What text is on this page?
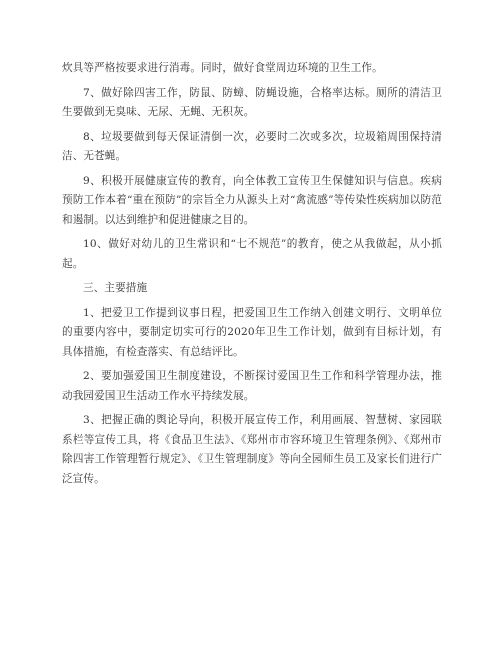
炊具等严格按要求进行消毒。同时，做好食堂周边环境的卫生工作。

7、做好除四害工作，防鼠、防蟑、防蝇设施，合格率达标。厕所的清洁卫生要做到无臭味、无尿、无蝇、无积灰。

8、垃圾要做到每天保证清倒一次，必要时二次或多次，垃圾箱周围保持清洁、无苍蝇。

9、积极开展健康宣传的教育，向全体教工宣传卫生保健知识与信息。疾病预防工作本着“重在预防”的宗旨全力从源头上对“禽流感”等传染性疾病加以防范和遏制。以达到维护和促进健康之目的。

10、做好对幼儿的卫生常识和“七不规范”的教育，使之从我做起，从小抓起。

三、主要措施

1、把爱卫工作提到议事日程，把爱国卫生工作纳入创建文明行、文明单位的重要内容中，要制定切实可行的2020年卫生工作计划，做到有目标计划，有具体措施，有检查落实、有总结评比。

2、要加强爱国卫生制度建设，不断探讨爱国卫生工作和科学管理办法，推动我园爱国卫生活动工作水平持续发展。

3、把握正确的舆论导向，积极开展宣传工作，利用画展、智慧树、家园联系栏等宣传工具，将《食品卫生法》、《郑州市市容环境卫生管理条例》、《郑州市除四害工作管理暂行规定》、《卫生管理制度》等向全园师生员工及家长们进行广泛宣传。
